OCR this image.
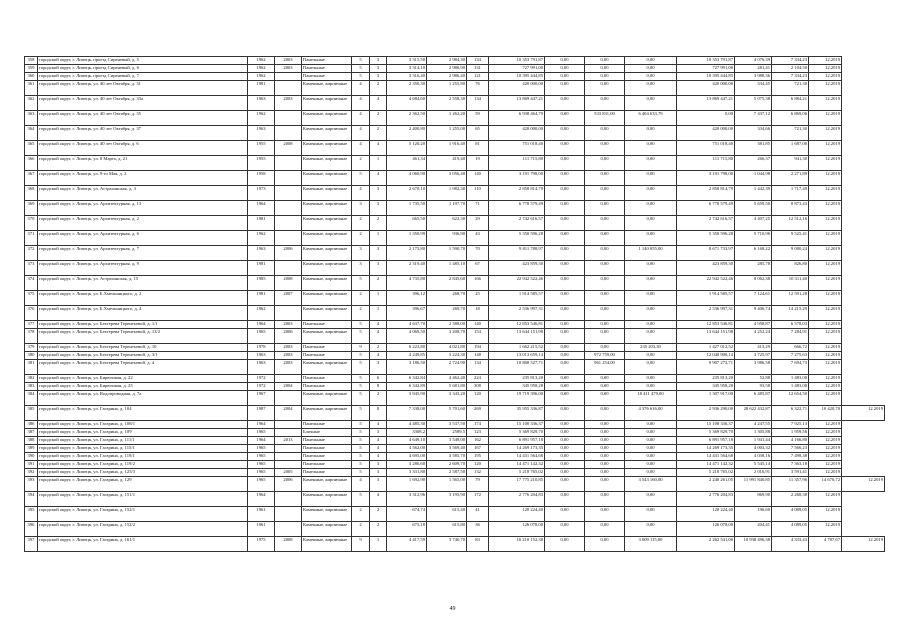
358	городской округ, г. Липецк, проезд Сиреневый, д. 5	1962	2003	Панельные	5	3	3 315,50	2 984,30	134	10 353 791,87	0,00	0,00	0,00	10 353 791,87	4 076,39	7 334,23	12.2019	
359	городской округ, г. Липецк, проезд Сиреневый, д. 6	1962	2003	Панельные	5	3	3 314,10	2 986,90	131	727 991,00	0,00	0,00	0,00	727 991,00	281,41	2 104,50	12.2019	
360	городской округ, г. Липецк, проезд Сиреневый, д. 7	1962		Панельные	5	3	3 316,40	2 986,40	121	10 395 444,85	0,00	0,00	0,00	10 395 444,85	3 988,36	7 334,23	12.2019	
361	городской округ, г. Липецк, ул. 40 лет Октября, д. 31	1981		Каменные, кирпичные	4	2	2 350,30	1 255,80	76	420 000,00	0,00	0,00	0,00	420 000,00	334,45	721,30	12.2019	
362	городской округ, г. Липецк, ул. 40 лет Октября, д. 33а	1963	2003	Каменные, кирпичные	4	4	4 684,60	2 558,30	134	13 869 447,21	0,00	0,00	0,00	13 869 447,21	5 075,38	6 884,21	12.2019	
363	городской округ, г. Липецк, ул. 40 лет Октября, д. 35	1962		Каменные, кирпичные	4	2	2 362,50	1 262,20	59	6 938 464,79	0,00	533 831,00	6 404 633,79	0,00	7 437,12	6 869,06	12.2019	
364	городской округ, г. Липецк, ул. 40 лет Октября, д. 37	1963		Каменные, кирпичные	4	2	2 400,80	1 255,00	65	420 000,00	0,00	0,00	0,00	420 000,00	334,66	721,30	12.2019	
365	городской округ, г. Липецк, ул. 40 лет Октября, д. 6	1955	2008	Каменные, кирпичные	4	4	5 120,20	1 916,40	81	751 018,40	0,00	0,00	0,00	751 018,40	381,85	1 687,00	12.2019	
366	городской округ, г. Липецк, ул. 8 Марта, д. 21	1955		Каменные, кирпичные	2	1	461,34	419,40	19	111 715,80	0,00	0,00	0,00	111 715,80	266,37	941,30	12.2019	
367	городской округ, г. Липецк, ул. 9-го Мая, д. 2	1958		Каменные, кирпичные	5	4	4 060,90	3 056,40	140	3 191 798,00	0,00	0,00	0,00	3 191 798,00	1 044,98	2 271,89	12.2019	
368	городской округ, г. Липецк, ул. Астраханская, д. 3	1973		Каменные, кирпичные	4	3	2 670,10	1 982,30	110	2 858 814,79	0,00	0,00	0,00	2 858 814,79	1 442,39	1 717,49	12.2019	
369	городской округ, г. Липецк, ул. Архитектурная, д. 13	1964		Каменные, кирпичные	3	3	1 735,50	1 197,70	71	6 778 579,49	0,00	0,00	0,00	6 778 579,49	5 659,50	8 873,43	12.2019	
370	городской округ, г. Липецк, ул. Архитектурная, д. 2	1981		Каменные, кирпичные	2	2	665,50	622,30	29	2 742 616,57	0,00	0,00	0,00	2 742 616,57	4 407,25	12 512,16	12.2019	
371	городской округ, г. Липецк, ул. Архитектурная, д. 6	1962		Каменные, кирпичные	2	1	1 350,99	936,90	43	5 350 596,28	0,00	0,00	0,00	5 350 596,28	5 710,96	9 525,41	12.2019	
372	городской округ, г. Липецк, ул. Архитектурная, д. 7	1963	2006	Каменные, кирпичные	3	3	2 175,80	1 590,70	70	9 811 788,97	0,00	0,00	1 140 055,00	8 671 733,97	6 168,22	9 080,24	12.2019	
373	городской округ, г. Липецк, ул. Архитектурная, д. 9	1981		Каменные, кирпичные	3	3	2 319,40	1 485,10	67	423 859,30	0,00	0,00	0,00	423 859,30	285,78	826,80	12.2019	
374	городской округ, г. Липецк, ул. Астраханская, д. 15	1985	2008	Каменные, кирпичные	5	2	4 735,80	2 845,60	166	22 942 522,46	0,00	0,00	0,00	22 942 522,46	8 062,38	10 311,40	12.2019	
375	городской округ, г. Липецк, ул. Б.Хмельницкого, д. 2	1981	2007	Каменные, кирпичные	2	1	396,12	268,70	25	1 914 585,57	0,00	0,00	0,00	1 914 585,57	7 124,61	12 591,28	12.2019	
376	городской округ, г. Липецк, ул. Б.Хмельницкого, д. 4	1962		Каменные, кирпичные	2	1	396,67	269,70	18	2 536 997,31	0,00	0,00	0,00	2 536 997,31	9 406,74	14 215,29	12.2019	
377	городской округ, г. Липецк, ул. Бехтерева Терентьевой, д. 1/1	1964	2003	Панельные	5	4	4 637,70	2 588,00	140	12 853 546,81	0,00	0,00	0,00	12 853 546,81	4 958,87	6 578,03	12.2019	
378	городской округ, г. Липецк, ул. Бехтерева Терентьевой, д. 13/2	1965	2006	Каменные, кирпичные	5	4	4 069,50	3 208,70	154	13 644 151,98	0,00	0,00	0,00	13 644 151,98	4 252,24	7 284,91	12.2019	
379	городской округ, г. Липецк, ул. Бехтерева Терентьевой, д. 10	1978	2003	Панельные	9	2	6 223,80	4 021,80	194	1 662 215,52	0,00	0,00	235 203,30	1 427 012,52	413,29	666,72	12.2019	
380	городской округ, г. Липецк, ул. Бехтерева Терентьевой, д. 3/1	1963	2003	Панельные	5	4	4 249,85	3 224,30	148	13 013 659,14	0,00	972 759,00	0,00	12 040 900,14	3 725,97	7 275,63	12.2019	
381	городской округ, г. Липецк, ул. Бехтерева Терентьевой, д. 4	1963	2003	Каменные, кирпичные	5	3	3 186,50	2 724,90	134	10 868 527,71	0,00	961 254,00	0,00	9 907 273,71	3 986,58	7 694,73	12.2019	
382	городской округ, г. Липецк, ул. Бирюзовая, д. 22	1972		Панельные	5	6	6 342,84	4 462,40	224	235 813,20	0,00	0,00	0,00	235 813,20	52,88	1 483,00	12.2019	
383	городской округ, г. Липецк, ул. Бирюзовая, д. 25	1972	2004	Панельные	5	8	6 342,89	5 681,80	308	345 958,28	0,00	0,00	0,00	345 958,28	93,58	1 483,00	12.2019	
384	городской округ, г. Липецк, ул. Водопроводная, д. 7а	1967		Каменные, кирпичные	5	2	3 945,90	3 343,20	120	19 719 396,00	0,00	0,00	18 411 479,00	1 307 917,00	6 485,87	12 654,50	12.2019	
385	городской округ, г. Липецк, ул. Гагарина, д. 104	1987	2004	Каменные, кирпичные	5	8	7 338,00	5 701,60	269	35 955 336,87	0,00	0,00	4 376 616,00	2 936 290,00	28 622 432,87	6 322,71	10 420,70	12.2019
386	городской округ, г. Липецк, ул. Гагарина, д. 108/1	1964		Панельные	5	4	4 485,30	3 537,50	174	15 108 336,37	0,00	0,00	0,00	15 108 336,37	4 247,55	7 925,13	12.2019	
387	городской округ, г. Липецк, ул. Гагарина, д. 109	1965		Блочные	5	3	3308,2	2589,5	123	5 369 829,70	0,00	0,00	0,00	5 369 829,70	1 305,88	1 959,56	12.2019	
388	городской округ, г. Липецк, ул. Гагарина, д. 111/1	1964	2013	Панельные	5	4	4 649,10	3 549,00	162	6 891 957,18	0,00	0,00	0,00	6 891 957,18	1 941,44	4 166,80	12.2019	
389	городской округ, г. Липецк, ул. Гагарина, д. 115/1	1965		Панельные	5	4	4 562,00	3 569,40	167	14 269 173,35	0,00	0,00	0,00	14 269 173,35	4 003,32	7 566,23	12.2019	
390	городской округ, г. Липецк, ул. Гагарина, д. 119/1	1965		Панельные	5	4	4 695,00	3 585,70	195	14 431 564,68	0,00	0,00	0,00	14 431 564,68	4 038,16	7 498,38	12.2019	
391	городской округ, г. Липецк, ул. Гагарина, д. 119/2	1965		Панельные	5	3	3 286,60	2 609,70	120	14 471 142,32	0,00	0,00	0,00	14 471 142,32	5 545,14	7 363,18	12.2019	
392	городской округ, г. Липецк, ул. Гагарина, д. 125/3	1965	2005	Панельные	5	3	3 331,80	2 587,50	132	5 218 765,02	0,00	0,00	0,00	5 218 765,02	2 016,91	3 591,41	12.2019	
393	городской округ, г. Липецк, ул. Гагарина, д. 129	1965	2006	Каменные, кирпичные	4	3	1 692,90	1 565,00	79	17 775 210,85	0,00	0,00	3 543 160,00	2 240 261,05	11 991 840,85	11 357,96	14 670,72	12.2019
394	городской округ, г. Липецк, ул. Гагарина, д. 151/1	1964		Каменные, кирпичные	5	4	3 312,96	3 195,90	172	2 776 204,83	0,00	0,00	0,00	2 776 204,83	869,90	2 268,38	12.2019	
395	городской округ, г. Липецк, ул. Гагарина, д. 152/1	1961		Каменные, кирпичные	2	2	674,74	615,40	41	120 224,40	0,00	0,00	0,00	120 224,40	196,60	4 089,05	12.2019	
396	городской округ, г. Липецк, ул. Гагарина, д. 152/2	1961		Каменные, кирпичные	2	2	675,18	615,80	36	126 078,00	0,00	0,00	0,00	126 078,00	204,41	4 089,05	12.2019	
397	городской округ, г. Липецк, ул. Гагарина, д. 161/1	1975	2008	Каменные, кирпичные	9	1	4 417,59	3 740,70	83	16 210 152,38	0,00	0,00	3 009 115,00	2 262 541,00	10 938 496,38	4 333,43	4 787,67	12.2019
49
